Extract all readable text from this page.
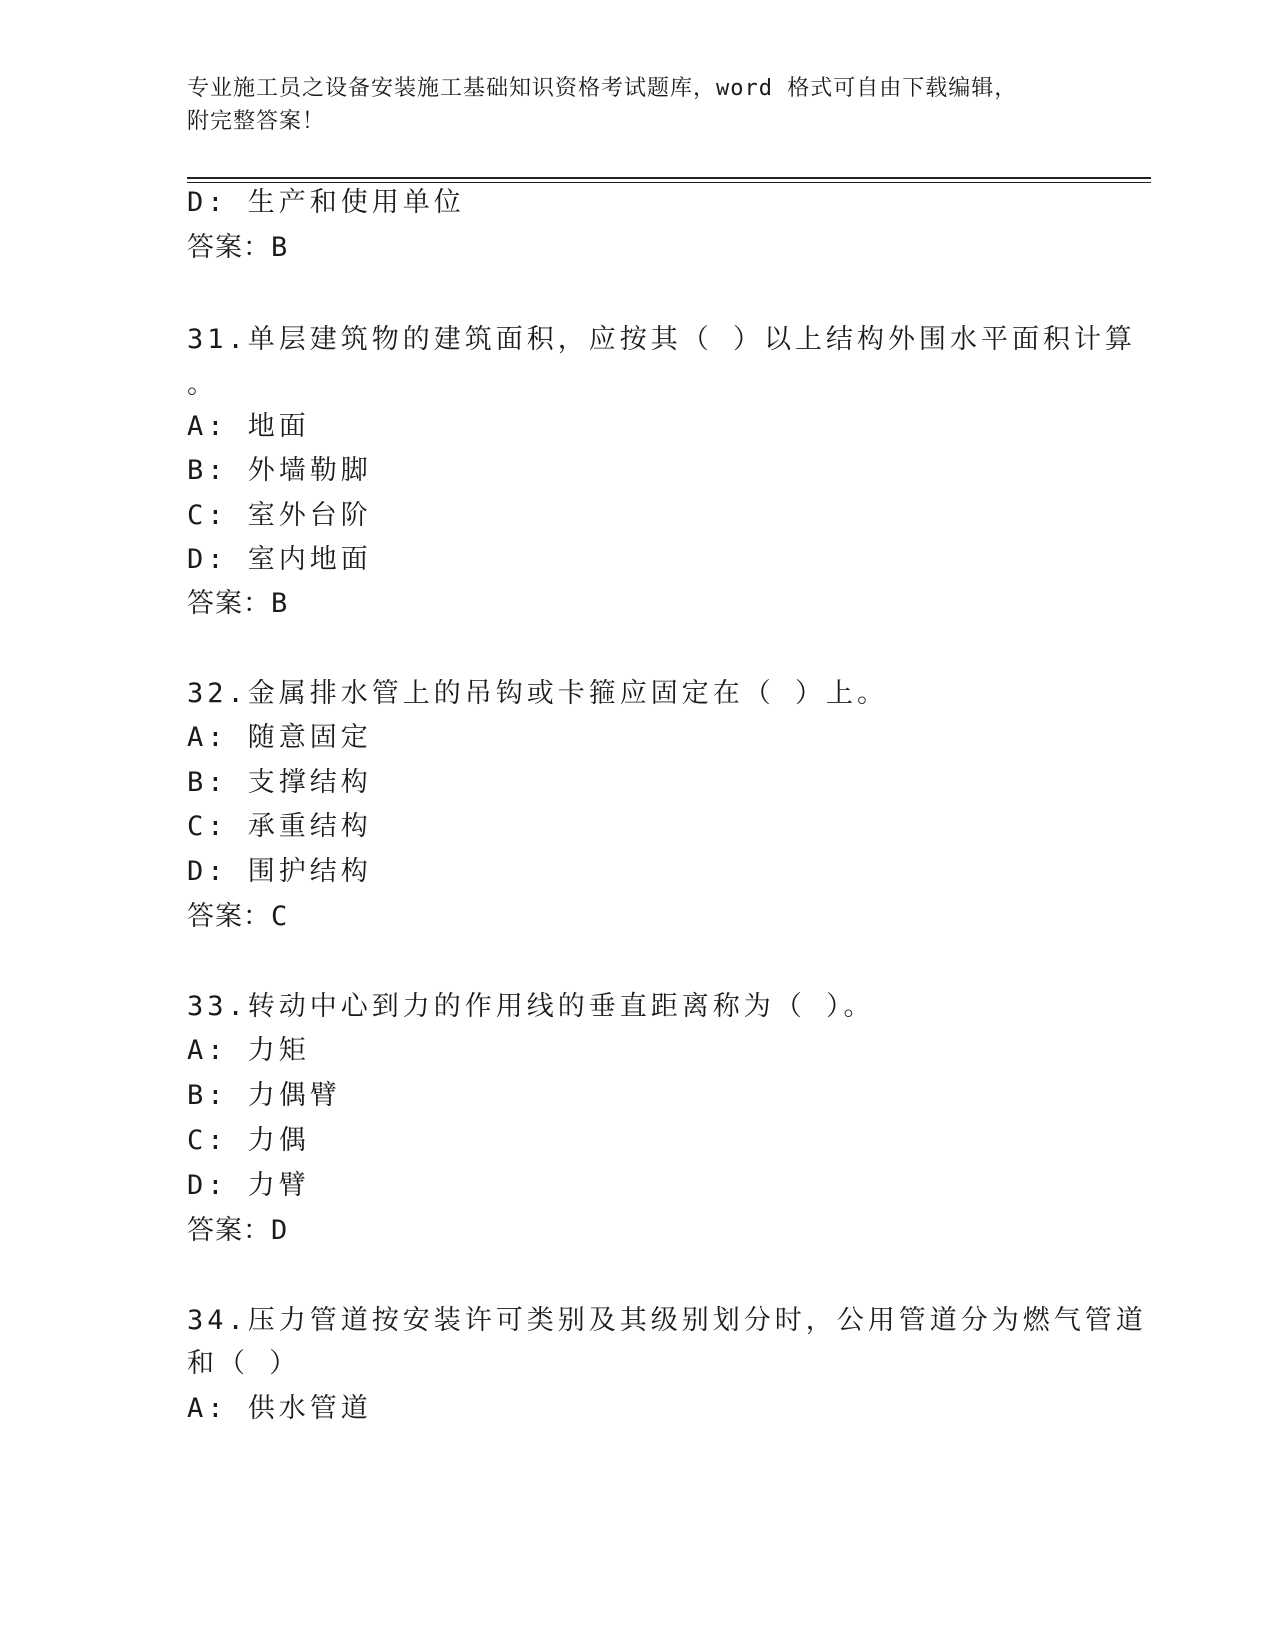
专业施工员之设备安装施工基础知识资格考试题库，word 格式可自由下载编辑，
附完整答案！
D: 生产和使用单位
答案：B
31.单层建筑物的建筑面积，应按其（ ）以上结构外围水平面积计算
。
A: 地面
B: 外墙勒脚
C: 室外台阶
D: 室内地面
答案：B
32.金属排水管上的吊钩或卡箍应固定在（ ）上。
A: 随意固定
B: 支撑结构
C: 承重结构
D: 围护结构
答案：C
33.转动中心到力的作用线的垂直距离称为（ ）。
A: 力矩
B: 力偶臂
C: 力偶
D: 力臂
答案：D
34.压力管道按安装许可类别及其级别划分时，公用管道分为燃气管道
和（ ）
A: 供水管道
